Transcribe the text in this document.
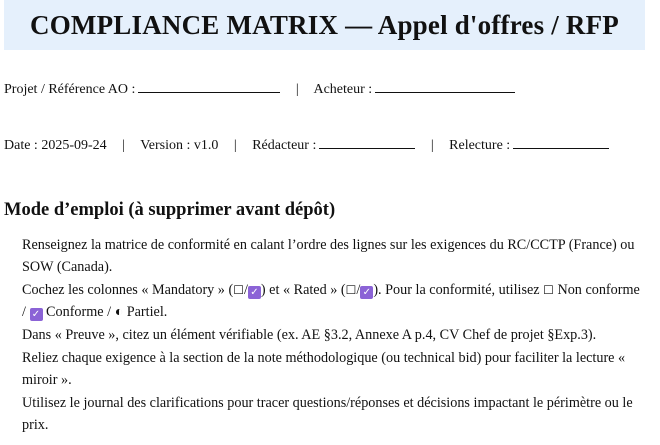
COMPLIANCE MATRIX — Appel d'offres / RFP
Projet / Référence AO :	| Acheteur :
Date : 2025-09-24 | Version : v1.0 | Rédacteur :	| Relecture :
Mode d’emploi (à supprimer avant dépôt)

Renseignez la matrice de conformité en calant l’ordre des lignes sur les exigences du RC/CCTP (France) ou SOW (Canada).

Cochez les colonnes « Mandatory » (☐/ ✓ ) et « Rated » (☐/ ✓ ). Pour la conformité, utilisez ☐ Non conforme / ✓ Conforme / ◐ Partiel.

Dans « Preuve », citez un élément vérifiable (ex. AE §3.2, Annexe A p.4, CV Chef de projet §Exp.3).

Reliez chaque exigence à la section de la note méthodologique (ou technical bid) pour faciliter la lecture « miroir ».

Utilisez le journal des clarifications pour tracer questions/réponses et décisions impactant le périmètre ou le prix.
